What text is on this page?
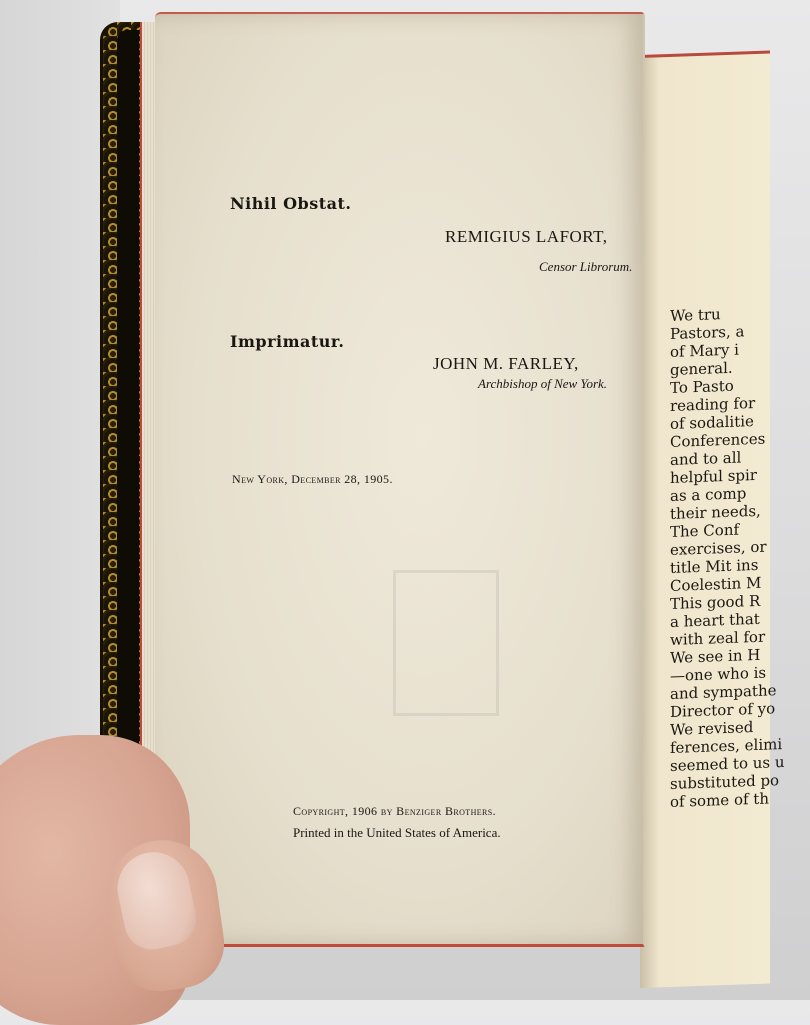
We tru
Pastors, a
of Mary i
general.
To Pasto
reading for
of sodalitie
Conferences
and to all
helpful spir
as a comp
their needs,
The Conf
exercises, or
title Mit ins
Coelestin M
This good R
a heart that
with zeal for
We see in H
—one who is
and sympathe
Director of yo
We revised
ferences, elimi
seemed to us u
substituted po
of some of th
Nihil Obstat.
REMIGIUS LAFORT,
Censor Librorum.
Imprimatur.
JOHN M. FARLEY,
Archbishop of New York.
New York, December 28, 1905.
Copyright, 1906 by Benziger Brothers.
Printed in the United States of America.
